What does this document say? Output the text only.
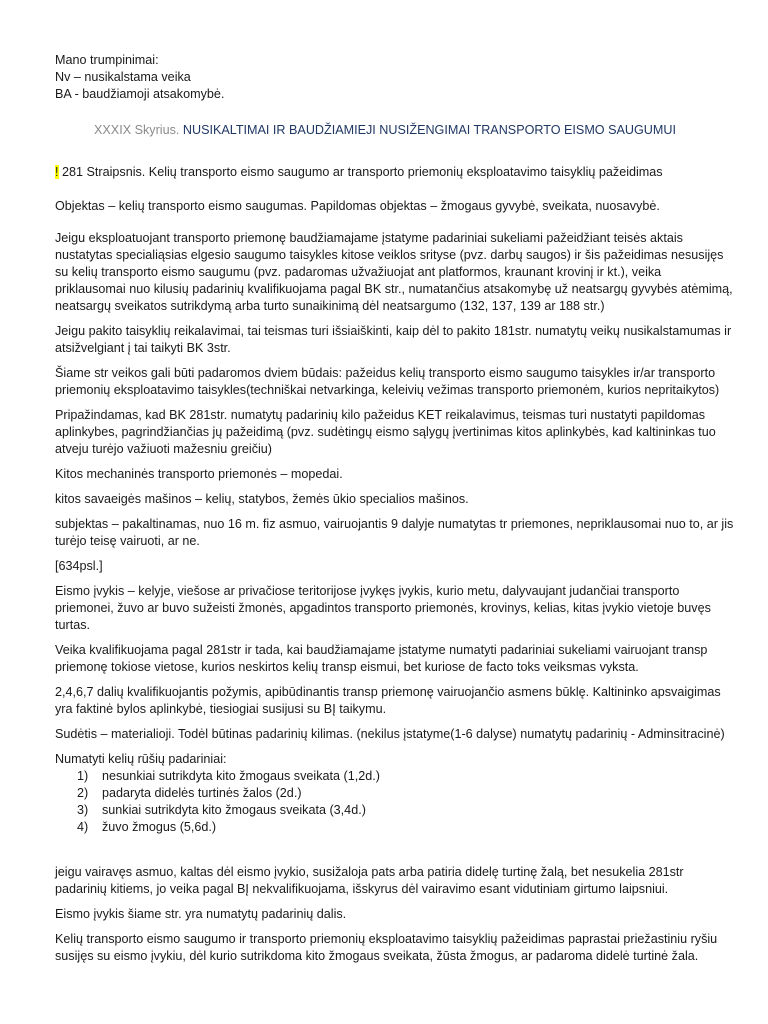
Mano trumpinimai:

Nv – nusikalstama veika

BA - baudžiamoji atsakomybė.

XXXIX Skyrius. NUSIKALTIMAI IR BAUDŽIAMIEJI NUSIŽENGIMAI TRANSPORTO EISMO SAUGUMUI

! 281 Straipsnis. Kelių transporto eismo saugumo ar transporto priemonių eksploatavimo taisyklių pažeidimas

Objektas – kelių transporto eismo saugumas. Papildomas objektas – žmogaus gyvybė, sveikata, nuosavybė.

Jeigu eksploatuojant transporto priemonę baudžiamajame įstatyme padariniai sukeliami pažeidžiant teisės aktais nustatytas specialiąsias elgesio saugumo taisykles kitose veiklos srityse (pvz. darbų saugos) ir šis pažeidimas nesusijęs su kelių transporto eismo saugumu (pvz. padaromas užvažiuojat ant platformos, kraunant krovinį ir kt.), veika priklausomai nuo kilusių padarinių kvalifikuojama pagal BK str., numatančius atsakomybę už neatsargų gyvybės atėmimą, neatsargų sveikatos sutrikdymą arba turto sunaikinimą dėl neatsargumo (132, 137, 139 ar 188 str.)

Jeigu pakito taisyklių reikalavimai, tai teismas turi išsiaiškinti, kaip dėl to pakito 181str. numatytų veikų nusikalstamumas ir atsižvelgiant į tai taikyti BK 3str.

Šiame str veikos gali būti padaromos dviem būdais: pažeidus kelių transporto eismo saugumo taisykles ir/ar transporto priemonių eksploatavimo taisykles(techniškai netvarkinga, keleivių vežimas transporto priemonėm, kurios nepritaikytos)

Pripažindamas, kad BK 281str. numatytų padarinių kilo pažeidus KET reikalavimus, teismas turi nustatyti papildomas aplinkybes, pagrindžiančias jų pažeidimą (pvz. sudėtingų eismo sąlygų įvertinimas kitos aplinkybės, kad kaltininkas tuo atveju turėjo važiuoti mažesniu greičiu)

Kitos mechaninės transporto priemonės – mopedai.

kitos savaeigės mašinos – kelių, statybos, žemės ūkio specialios mašinos.

subjektas – pakaltinamas, nuo 16 m. fiz asmuo, vairuojantis 9 dalyje numatytas tr priemones, nepriklausomai nuo to, ar jis turėjo teisę vairuoti, ar ne.

[634psl.]

Eismo įvykis – kelyje, viešose ar privačiose teritorijose įvykęs įvykis, kurio metu, dalyvaujant judančiai transporto priemonei, žuvo ar buvo sužeisti žmonės, apgadintos transporto priemonės, krovinys, kelias, kitas įvykio vietoje buvęs turtas.

Veika kvalifikuojama pagal 281str ir tada, kai baudžiamajame įstatyme numatyti padariniai sukeliami vairuojant transp priemonę tokiose vietose, kurios neskirtos kelių transp eismui, bet kuriose de facto toks veiksmas vyksta.

2,4,6,7 dalių kvalifikuojantis požymis, apibūdinantis transp priemonę vairuojančio asmens būklę. Kaltininko apsvaigimas yra faktinė bylos aplinkybė, tiesiogiai susijusi su BĮ taikymu.

Sudėtis – materialioji. Todėl būtinas padarinių kilimas. (nekilus įstatyme(1-6 dalyse) numatytų padarinių - Adminsitracinė)

Numatyti kelių rūšių padariniai:

1) nesunkiai sutrikdyta kito žmogaus sveikata (1,2d.)
2) padaryta didelės turtinės žalos (2d.)
3) sunkiai sutrikdyta kito žmogaus sveikata (3,4d.)
4) žuvo žmogus (5,6d.)

jeigu vairavęs asmuo, kaltas dėl eismo įvykio, susižaloja pats arba patiria didelę turtinę žalą, bet nesukelia 281str padarinių kitiems, jo veika pagal BĮ nekvalifikuojama, išskyrus dėl vairavimo esant vidutiniam girtumo laipsniui.

Eismo įvykis šiame str. yra numatytų padarinių dalis.

Kelių transporto eismo saugumo ir transporto priemonių eksploatavimo taisyklių pažeidimas paprastai priežastiniu ryšiu susijęs su eismo įvykiu, dėl kurio sutrikdoma kito žmogaus sveikata, žūsta žmogus, ar padaroma didelė turtinė žala.
